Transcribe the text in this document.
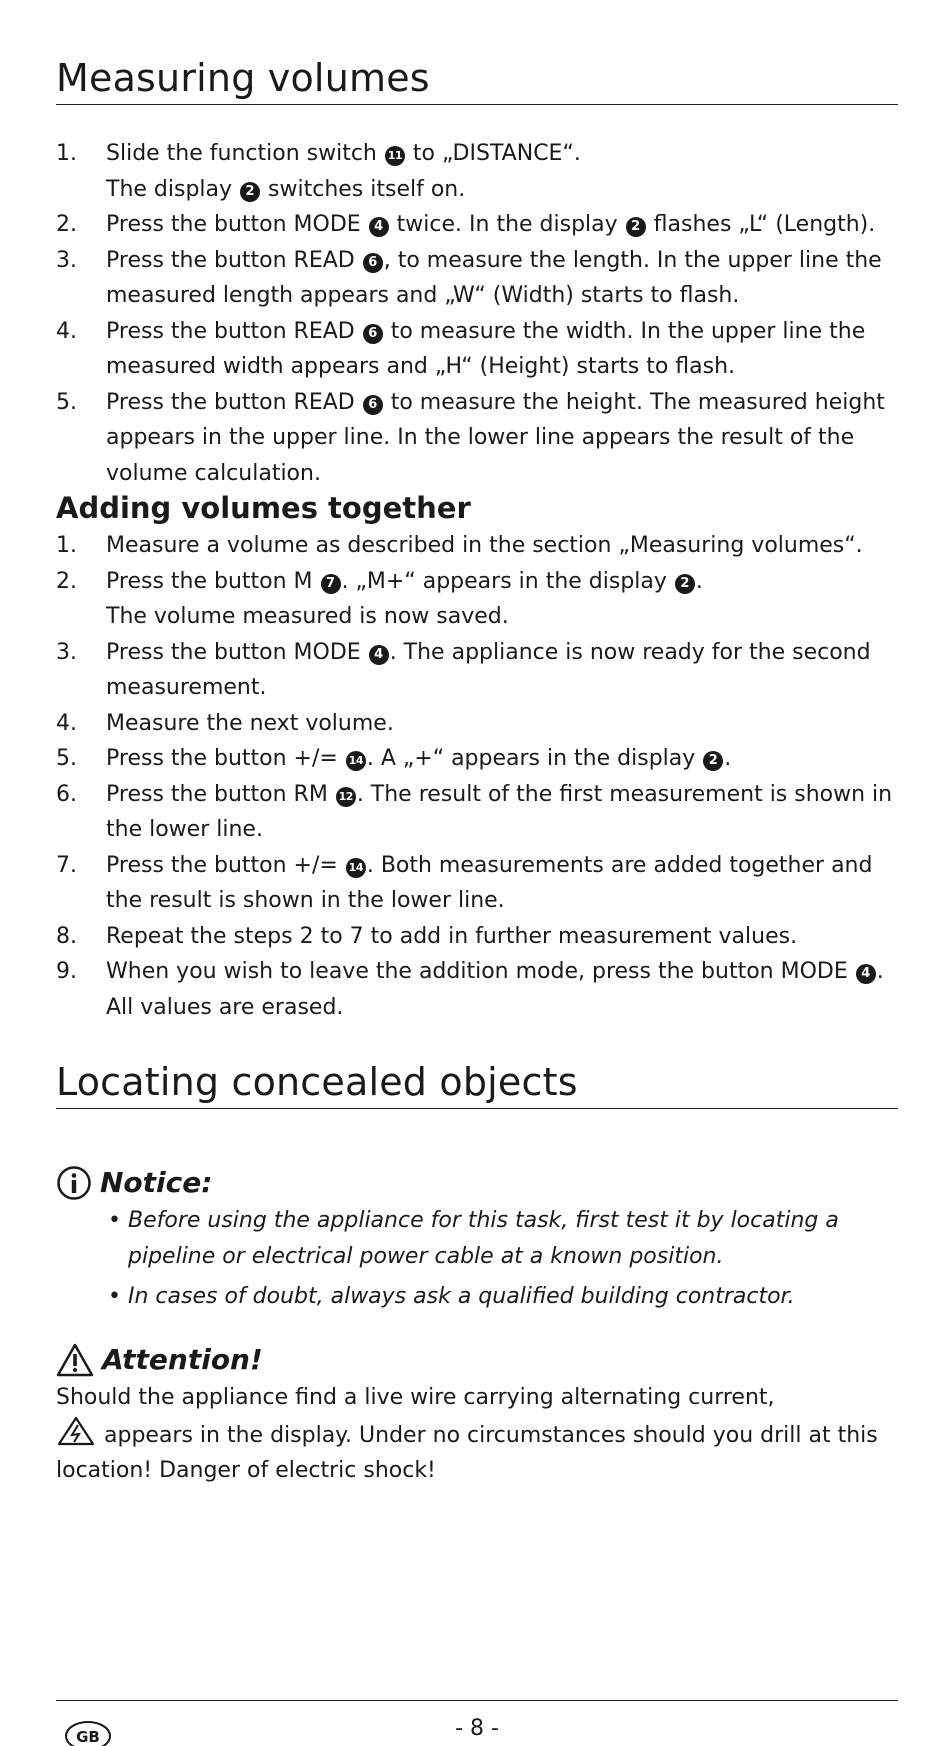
Measuring volumes
1. Slide the function switch 11 to „DISTANCE“.
The display 2 switches itself on.
2. Press the button MODE 4 twice. In the display 2 flashes „L“ (Length).
3. Press the button READ 6 , to measure the length. In the upper line the measured length appears and „W“ (Width) starts to flash.
4. Press the button READ 6 to measure the width. In the upper line the measured width appears and „H“ (Height) starts to flash.
5. Press the button READ 6 to measure the height. The measured height appears in the upper line. In the lower line appears the result of the volume calculation.
Adding volumes together
1. Measure a volume as described in the section „Measuring volumes“.
2. Press the button M 7 . „M+“ appears in the display 2 .
The volume measured is now saved.
3. Press the button MODE 4 . The appliance is now ready for the second measurement.
4. Measure the next volume.
5. Press the button +/= 14 . A „+“ appears in the display 2 .
6. Press the button RM 12 . The result of the first measurement is shown in the lower line.
7. Press the button +/= 14 . Both measurements are added together and the result is shown in the lower line.
8. Repeat the steps 2 to 7 to add in further measurement values.
9. When you wish to leave the addition mode, press the button MODE 4 .
All values are erased.
Locating concealed objects
Notice:
• Before using the appliance for this task, first test it by locating a pipeline or electrical power cable at a known position.
• In cases of doubt, always ask a qualified building contractor.
Attention!
Should the appliance find a live wire carrying alternating current,
appears in the display. Under no circumstances should you drill at this location! Danger of electric shock!
GB	- 8 -
